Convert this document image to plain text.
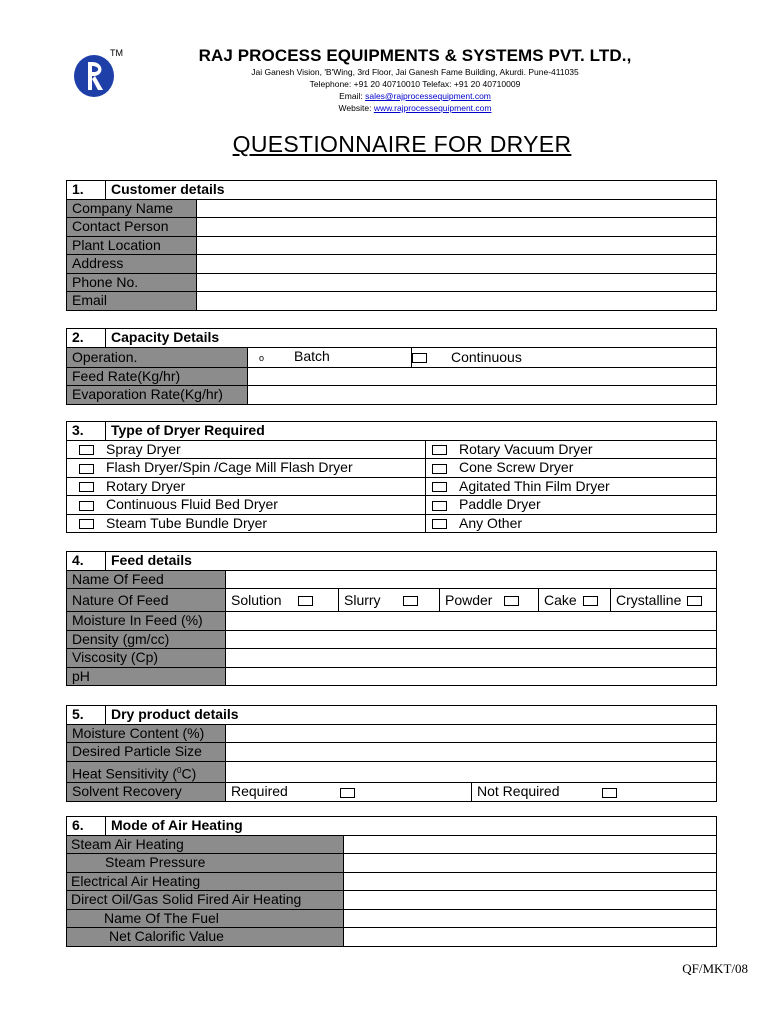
TM	RAJ PROCESS EQUIPMENTS & SYSTEMS PVT. LTD.,
Jai Ganesh Vision, 'B'Wing, 3rd Floor, Jai Ganesh Fame Building, Akurdi. Pune-411035
Telephone: +91 20 40710010 Telefax: +91 20 40710009
Email: sales@rajprocessequipment.com
Website: www.rajprocessequipment.com
QUESTIONNAIRE FOR DRYER
1.	Customer details	
Company Name		
Contact Person		
Plant Location		
Address		
Phone No.		
Email		
2.	Capacity Details		
Operation.		o Batch	Continuous
Feed Rate(Kg/hr)			
Evaporation Rate(Kg/hr)			
3.	Type of Dryer Required	
Spray Dryer		Rotary Vacuum Dryer
Flash Dryer/Spin /Cage Mill Flash Dryer		Cone Screw Dryer
Rotary Dryer		Agitated Thin Film Dryer
Continuous Fluid Bed Dryer		Paddle Dryer
Steam Tube Bundle Dryer		Any Other
4.	Feed details					
Name Of Feed						
Nature Of Feed		Solution	Slurry	Powder	Cake	Crystalline
Moisture In Feed (%)						
Density (gm/cc)						
Viscosity (Cp)						
pH						
5.	Dry product details		
Moisture Content (%)			
Desired Particle Size			
Heat Sensitivity ($^0$C)			
Solvent Recovery		Required	Not Required
6.	Mode of Air Heating	
Steam Air Heating		
Steam Pressure		
Electrical Air Heating		
Direct Oil/Gas Solid Fired Air Heating		
Name Of The Fuel		
Net Calorific Value		
QF/MKT/08
